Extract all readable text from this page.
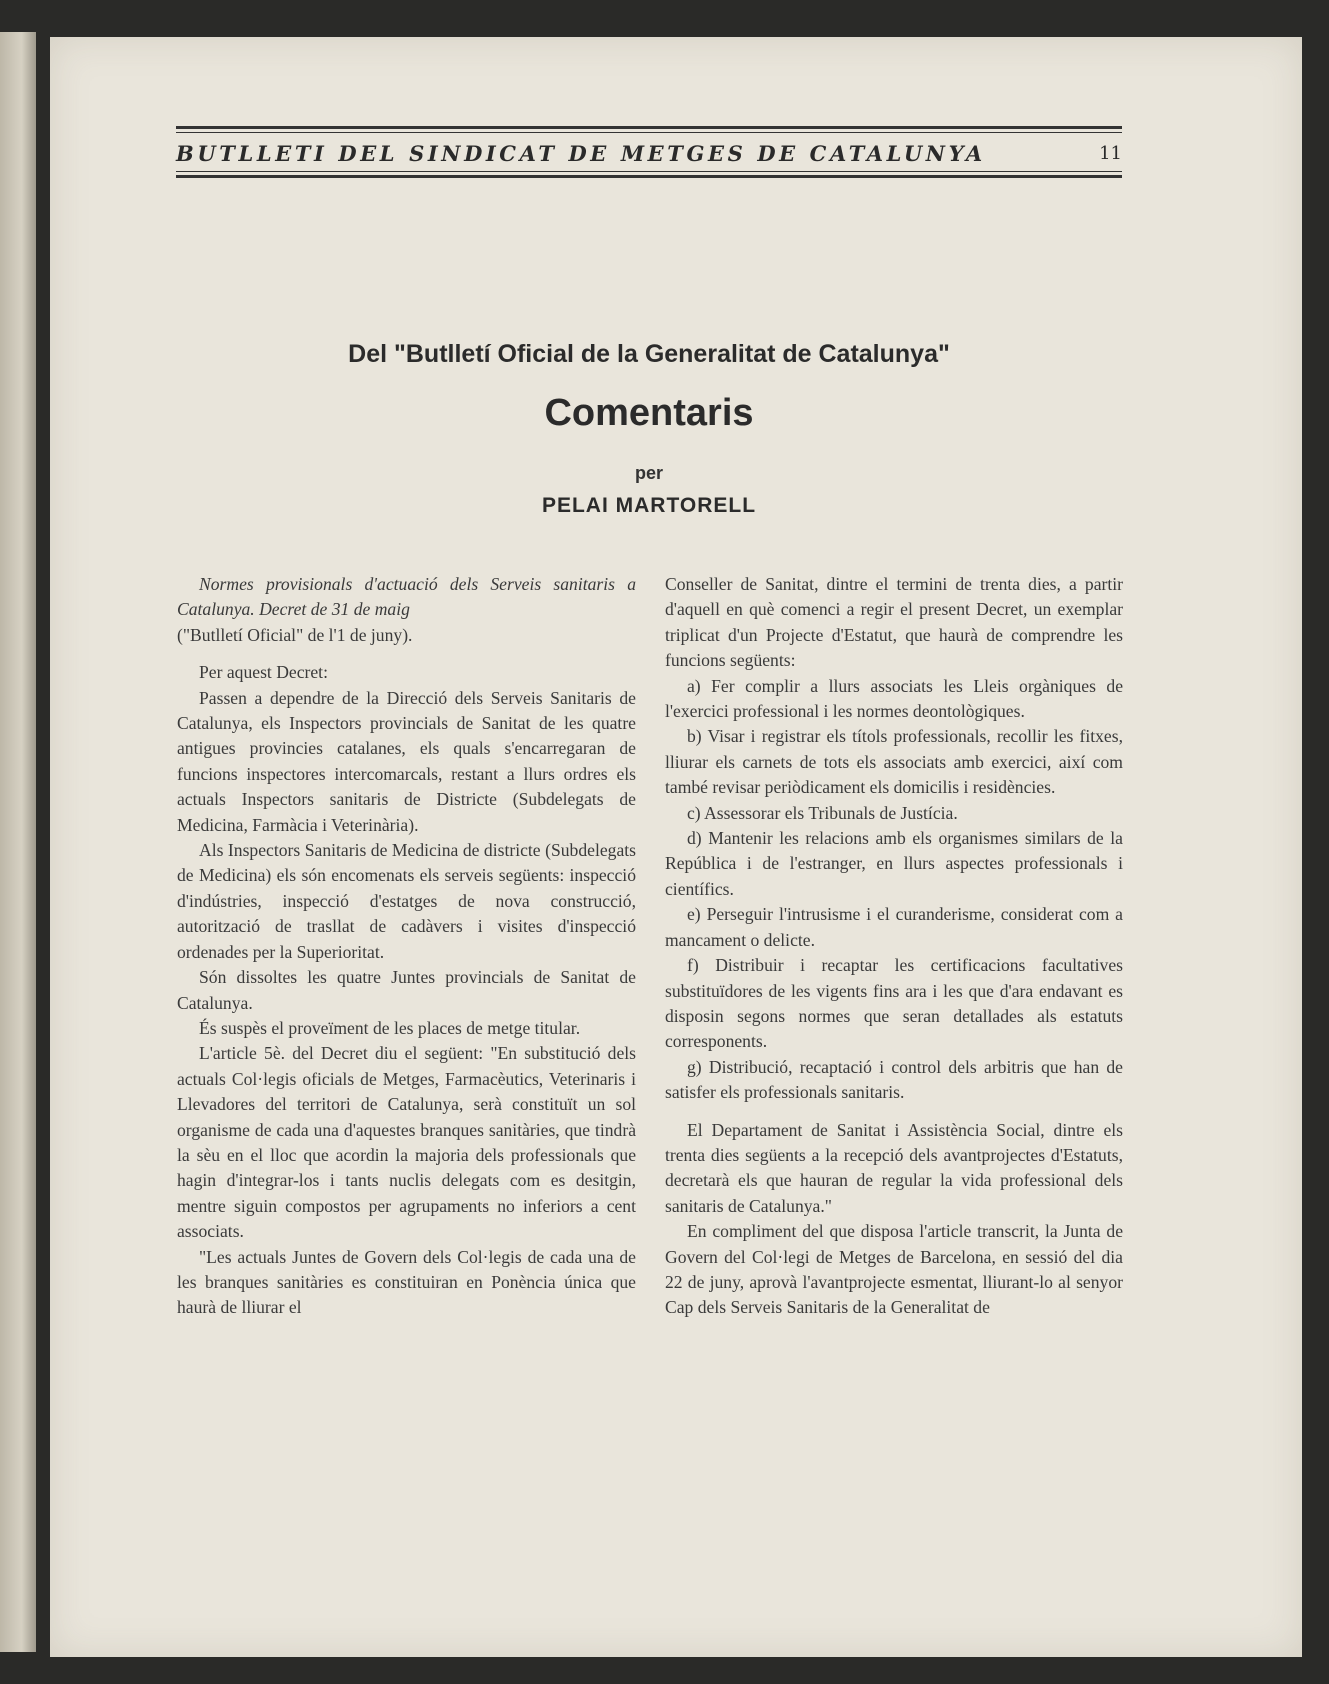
BUTLLETI DEL SINDICAT DE METGES DE CATALUNYA	11
Del "Butlletí Oficial de la Generalitat de Catalunya"
Comentaris
per
PELAI MARTORELL

Normes provisionals d'actuació dels Serveis sanitaris a Catalunya. Decret de 31 de maig

("Butlletí Oficial" de l'1 de juny).

Per aquest Decret:

Passen a dependre de la Direcció dels Serveis Sanitaris de Catalunya, els Inspectors provincials de Sanitat de les quatre antigues provincies catalanes, els quals s'encarregaran de funcions inspectores intercomarcals, restant a llurs ordres els actuals Inspectors sanitaris de Districte (Subdelegats de Medicina, Farmàcia i Veterinària).

Als Inspectors Sanitaris de Medicina de districte (Subdelegats de Medicina) els són encomenats els serveis següents: inspecció d'indústries, inspecció d'estatges de nova construcció, autorització de trasllat de cadàvers i visites d'inspecció ordenades per la Superioritat.

Són dissoltes les quatre Juntes provincials de Sanitat de Catalunya.

És suspès el proveïment de les places de metge titular.

L'article 5è. del Decret diu el següent: "En substitució dels actuals Col·legis oficials de Metges, Farmacèutics, Veterinaris i Llevadores del territori de Catalunya, serà constituït un sol organisme de cada una d'aquestes branques sanitàries, que tindrà la sèu en el lloc que acordin la majoria dels professionals que hagin d'integrar-los i tants nuclis delegats com es desitgin, mentre siguin compostos per agrupaments no inferiors a cent associats.

"Les actuals Juntes de Govern dels Col·legis de cada una de les branques sanitàries es constituiran en Ponència única que haurà de lliurar el

Conseller de Sanitat, dintre el termini de trenta dies, a partir d'aquell en què comenci a regir el present Decret, un exemplar triplicat d'un Projecte d'Estatut, que haurà de comprendre les funcions següents:

a) Fer complir a llurs associats les Lleis orgàniques de l'exercici professional i les normes deontològiques.

b) Visar i registrar els títols professionals, recollir les fitxes, lliurar els carnets de tots els associats amb exercici, així com també revisar periòdicament els domicilis i residències.

c) Assessorar els Tribunals de Justícia.

d) Mantenir les relacions amb els organismes similars de la República i de l'estranger, en llurs aspectes professionals i científics.

e) Perseguir l'intrusisme i el curanderisme, considerat com a mancament o delicte.

f) Distribuir i recaptar les certificacions facultatives substituïdores de les vigents fins ara i les que d'ara endavant es disposin segons normes que seran detallades als estatuts corresponents.

g) Distribució, recaptació i control dels arbitris que han de satisfer els professionals sanitaris.

El Departament de Sanitat i Assistència Social, dintre els trenta dies següents a la recepció dels avantprojectes d'Estatuts, decretarà els que hauran de regular la vida professional dels sanitaris de Catalunya."

En compliment del que disposa l'article transcrit, la Junta de Govern del Col·legi de Metges de Barcelona, en sessió del dia 22 de juny, aprovà l'avantprojecte esmentat, lliurant-lo al senyor Cap dels Serveis Sanitaris de la Generalitat de
